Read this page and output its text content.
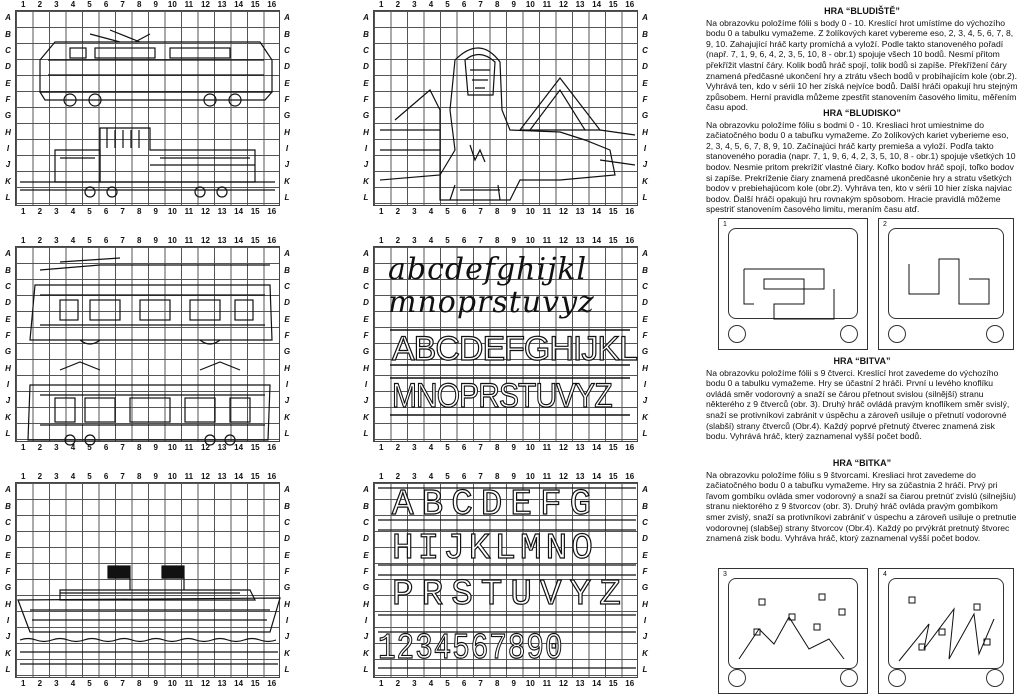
abcdefghijkl
mnoprstuvyz
ABCDEFGHIJKL
MNOPRSTUVYZ
ABCDEFG
HIJKLMNO
PRSTUVYZ
1234567890
1
1
2
2
3
3
4
4
5
5
6
6
7
7
8
8
9
9
10
10
11
11
12
12
13
13
14
14
15
15
16
16
A	A
B	B
C	C
D	D
E	E
F	F
G	G
H	H
I	I
J	J
K	K
L	L
1
1
2
2
3
3
4
4
5
5
6
6
7
7
8
8
9
9
10
10
11
11
12
12
13
13
14
14
15
15
16
16
A	A
B	B
C	C
D	D
E	E
F	F
G	G
H	H
I	I
J	J
K	K
L	L
1
1
2
2
3
3
4
4
5
5
6
6
7
7
8
8
9
9
10
10
11
11
12
12
13
13
14
14
15
15
16
16
A	A
B	B
C	C
D	D
E	E
F	F
G	G
H	H
I	I
J	J
K	K
L	L
1
1
2
2
3
3
4
4
5
5
6
6
7
7
8
8
9
9
10
10
11
11
12
12
13
13
14
14
15
15
16
16
A	A
B	B
C	C
D	D
E	E
F	F
G	G
H	H
I	I
J	J
K	K
L	L
1
1
2
2
3
3
4
4
5
5
6
6
7
7
8
8
9
9
10
10
11
11
12
12
13
13
14
14
15
15
16
16
A	A
B	B
C	C
D	D
E	E
F	F
G	G
H	H
I	I
J	J
K	K
L	L
1
1
2
2
3
3
4
4
5
5
6
6
7
7
8
8
9
9
10
10
11
11
12
12
13
13
14
14
15
15
16
16
A	A
B	B
C	C
D	D
E	E
F	F
G	G
H	H
I	I
J	J
K	K
L	L
HRA “BLUDIŠTĚ”

Na obrazovku položíme fólii s body 0 - 10. Kreslící hrot umístíme do výchozího bodu 0 a tabulku vymažeme. Z žolíkových karet vybereme eso, 2, 3, 4, 5, 6, 7, 8, 9, 10. Zahajující hráč karty promíchá a vyloží. Podle takto stanoveného pořadí (např. 7, 1, 9, 6, 4, 2, 3, 5, 10, 8 - obr.1) spojuje všech 10 bodů. Nesmí přitom překřížit vlastní čáry. Kolik bodů hráč spojí, tolik bodů si zapíše. Překřížení čáry znamená předčasné ukončení hry a ztrátu všech bodů v probíhajícím kole (obr.2). Vyhrává ten, kdo v sérii 10 her získá nejvíce bodů. Další hráči opakují hru stejným způsobem. Herní pravidla můžeme zpestřit stanovením časového limitu, měřením času apod.

HRA “BLUDISKO”

Na obrazovku položíme fóliu s bodmi 0 - 10. Kresliaci hrot umiestnime do začiatočného bodu 0 a tabuľku vymažeme. Zo žolíkových kariet vyberieme eso, 2, 3, 4, 5, 6, 7, 8, 9, 10. Začínajúci hráč karty premieša a vyloží. Podľa takto stanoveného poradia (napr. 7, 1, 9, 6, 4, 2, 3, 5, 10, 8 - obr.1) spojuje všetkých 10 bodov. Nesmie pritom prekrížiť vlastné čiary. Koľko bodov hráč spojí, toľko bodov si zapíše. Prekríženie čiary znamená predčasné ukončenie hry a stratu všetkých bodov v prebiehajúcom kole (obr.2). Vyhráva ten, kto v sérii 10 hier získa najviac bodov. Ďalší hráči opakujú hru rovnakým spôsobom. Hracie pravidlá môžeme spestriť stanovením časového limitu, meraním času atď.

1	2
HRA “BITVA”

Na obrazovku položíme fólii s 9 čtverci. Kreslící hrot zavedeme do výchozího bodu 0 a tabulku vymažeme. Hry se účastní 2 hráči. První u levého knoflíku ovládá směr vodorovný a snaží se čárou přetnout svislou (silnější) stranu některého z 9 čtverců (obr. 3). Druhý hráč ovládá pravým knoflíkem směr svislý, snaží se protivníkovi zabránit v úspěchu a zároveň usiluje o přetnutí vodorovné (slabší) strany čtverců (Obr.4). Každý poprvé přetnutý čtverec znamená zisk bodu. Vyhrává hráč, který zaznamenal vyšší počet bodů.

HRA “BITKA”

Na obrazovku položíme fóliu s 9 štvorcami. Kresliaci hrot zavedeme do začiatočného bodu 0 a tabuľku vymažeme. Hry sa zúčastnia 2 hráči. Prvý pri ľavom gombíku ovláda smer vodorovný a snaží sa čiarou pretnúť zvislú (silnejšiu) stranu niektorého z 9 štvorcov (obr. 3). Druhý hráč ovláda pravým gombíkom smer zvislý, snaží sa protivníkovi zabrániť v úspechu a zároveň usiluje o pretnutie vodorovnej (slabšej) strany štvorcov (Obr.4). Každý po prvýkrát pretnutý štvorec znamená zisk bodu. Vyhráva hráč, ktorý zaznamenal vyšší počet bodov.

3	4
